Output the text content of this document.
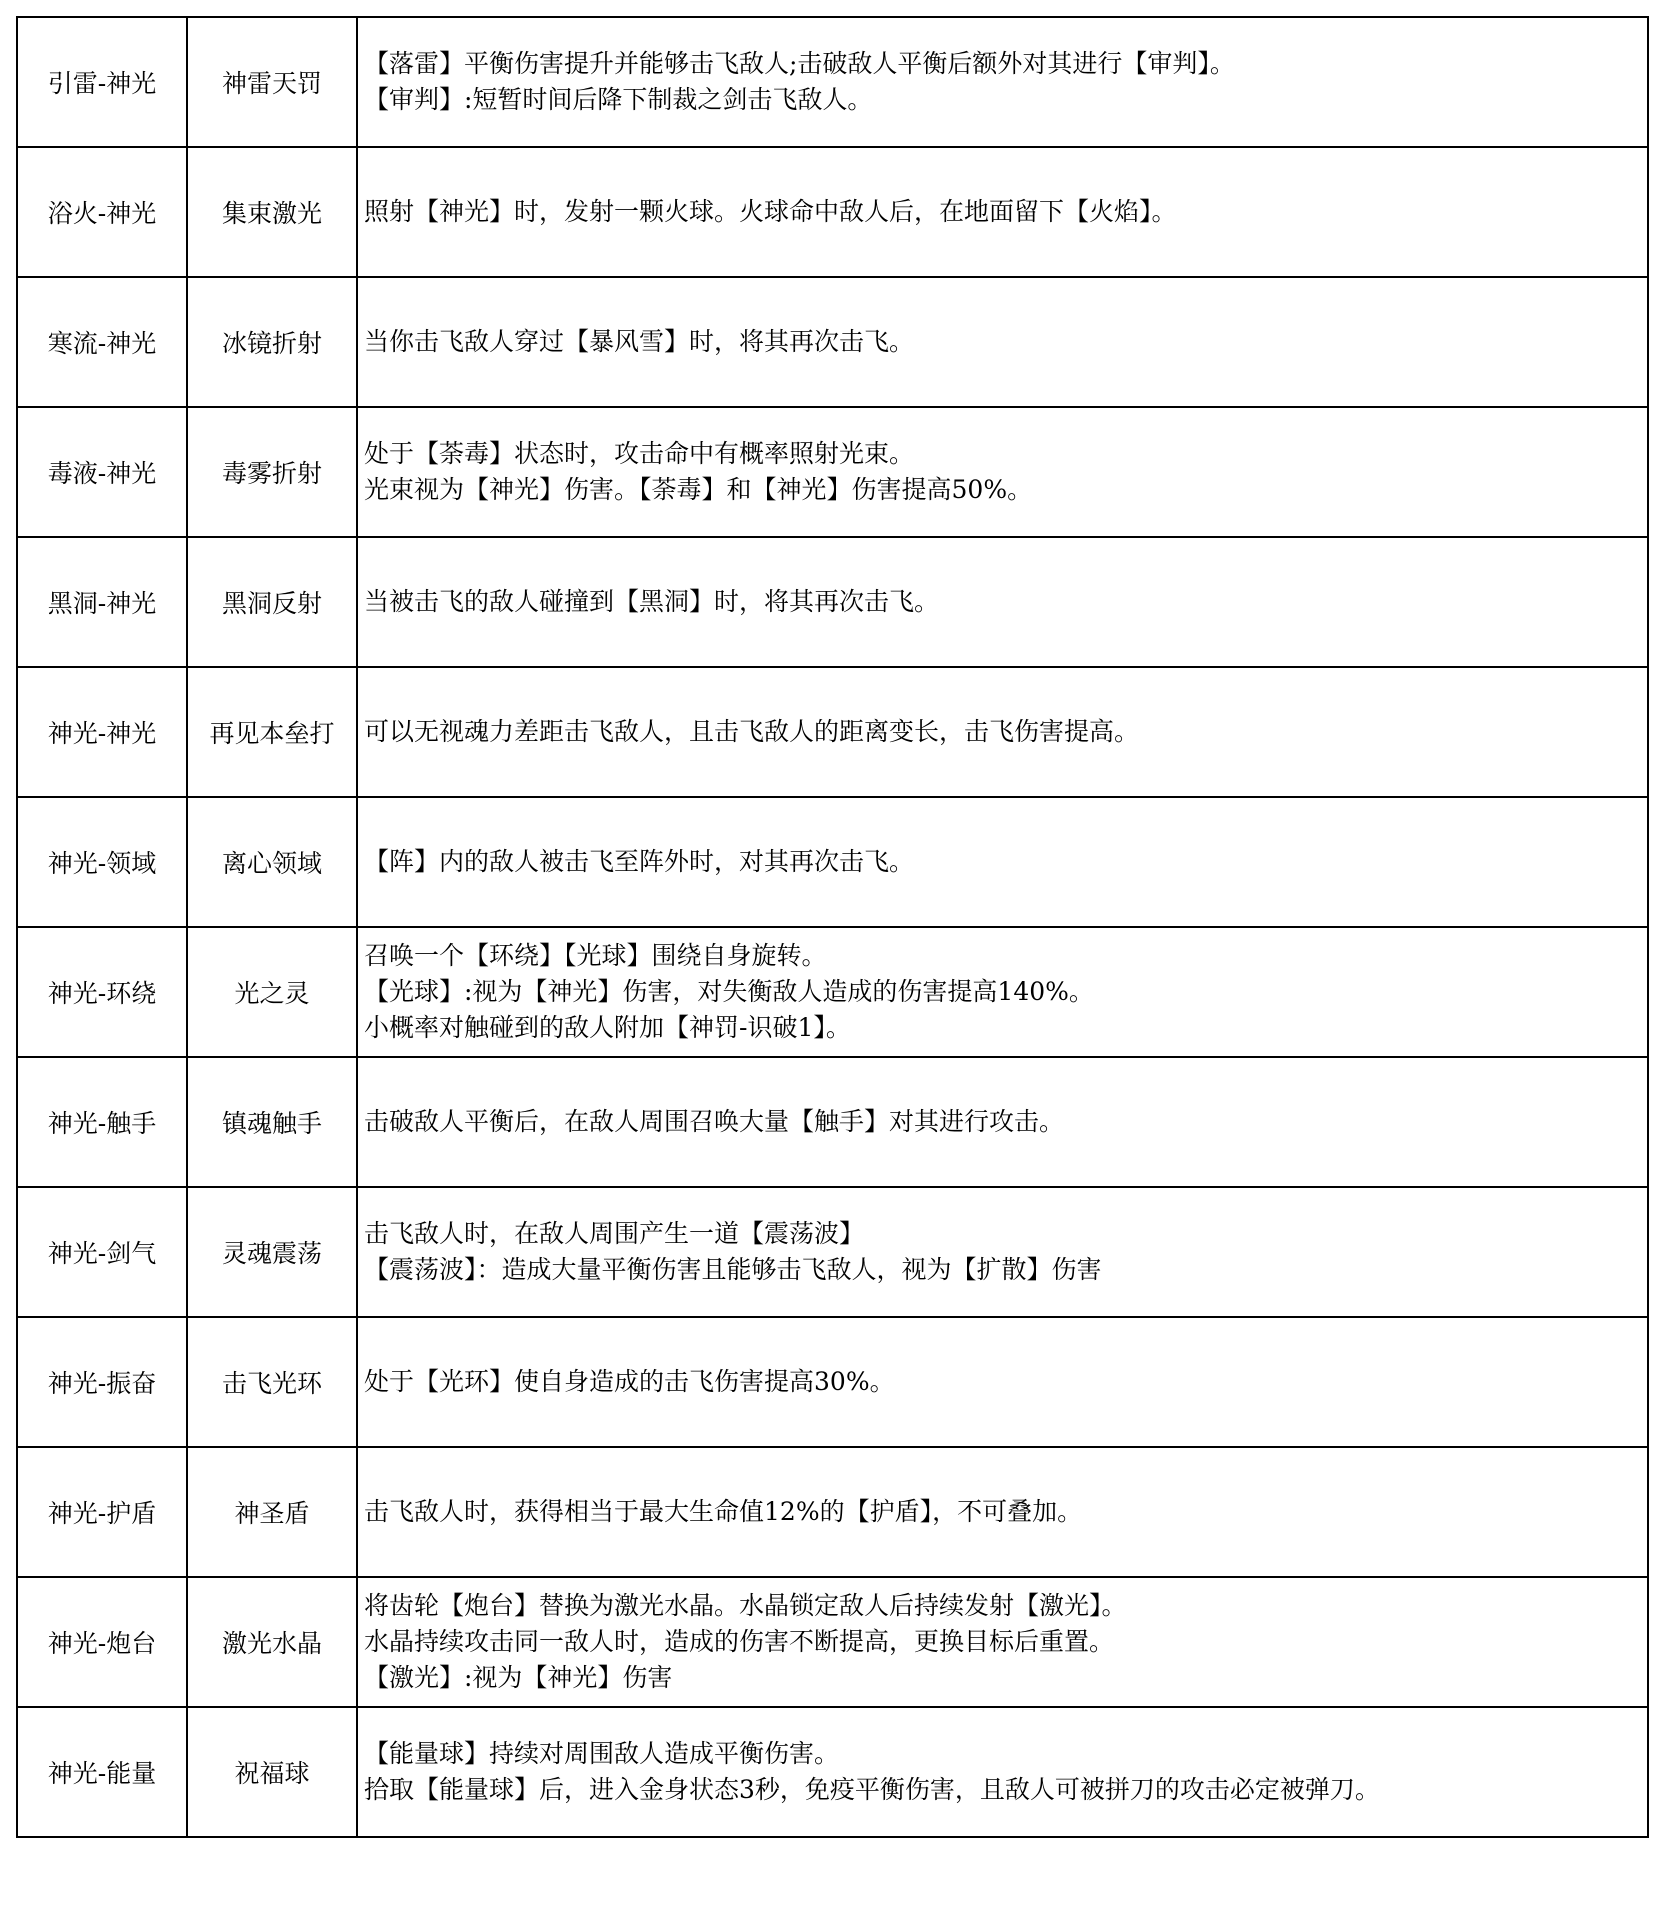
引雷-神光	神雷天罚	【落雷】平衡伤害提升并能够击飞敌人;击破敌人平衡后额外对其进行【审判】。
【审判】:短暂时间后降下制裁之剑击飞敌人。

浴火-神光	集束激光	照射【神光】时，发射一颗火球。火球命中敌人后，在地面留下【火焰】。

寒流-神光	冰镜折射	当你击飞敌人穿过【暴风雪】时，将其再次击飞。

毒液-神光	毒雾折射	处于【荼毒】状态时，攻击命中有概率照射光束。
光束视为【神光】伤害。【荼毒】和【神光】伤害提高50%。

黑洞-神光	黑洞反射	当被击飞的敌人碰撞到【黑洞】时，将其再次击飞。

神光-神光	再见本垒打	可以无视魂力差距击飞敌人，且击飞敌人的距离变长，击飞伤害提高。

神光-领域	离心领域	【阵】内的敌人被击飞至阵外时，对其再次击飞。

神光-环绕	光之灵	召唤一个【环绕】【光球】围绕自身旋转。
【光球】:视为【神光】伤害，对失衡敌人造成的伤害提高140%。
小概率对触碰到的敌人附加【神罚-识破1】。

神光-触手	镇魂触手	击破敌人平衡后，在敌人周围召唤大量【触手】对其进行攻击。

神光-剑气	灵魂震荡	击飞敌人时，在敌人周围产生一道【震荡波】
【震荡波】：造成大量平衡伤害且能够击飞敌人，视为【扩散】伤害

神光-振奋	击飞光环	处于【光环】使自身造成的击飞伤害提高30%。

神光-护盾	神圣盾	击飞敌人时，获得相当于最大生命值12%的【护盾】，不可叠加。

神光-炮台	激光水晶	将齿轮【炮台】替换为激光水晶。水晶锁定敌人后持续发射【激光】。
水晶持续攻击同一敌人时，造成的伤害不断提高，更换目标后重置。
【激光】:视为【神光】伤害

神光-能量	祝福球	【能量球】持续对周围敌人造成平衡伤害。
拾取【能量球】后，进入金身状态3秒，免疫平衡伤害，且敌人可被拼刀的攻击必定被弹刀。
